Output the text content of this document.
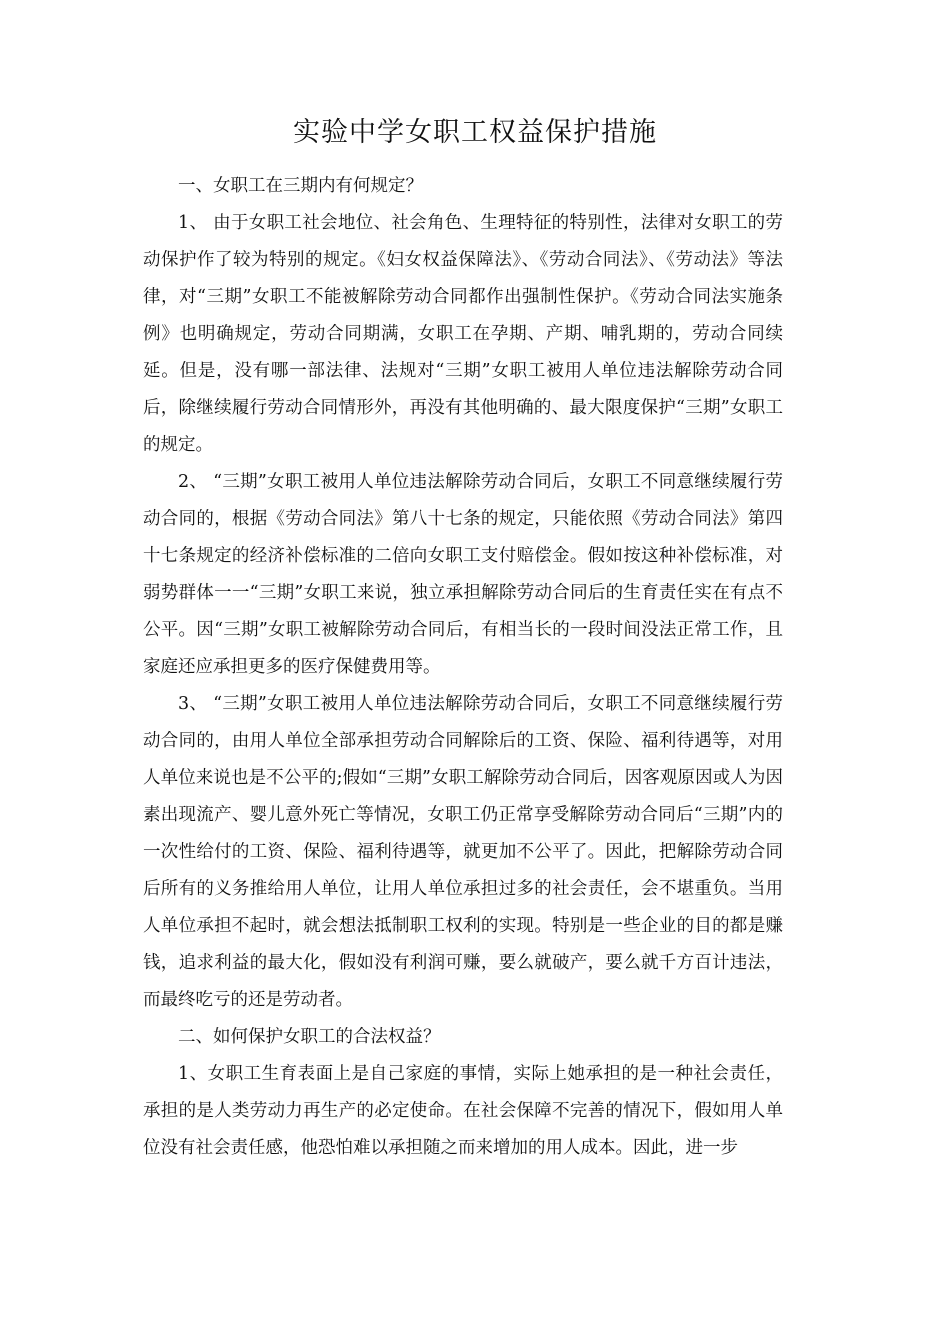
实验中学女职工权益保护措施

一、女职工在三期内有何规定？

1、 由于女职工社会地位、社会角色、生理特征的特别性，法律对女职工的劳动保护作了较为特别的规定。《妇女权益保障法》、《劳动合同法》、《劳动法》等法律，对“三期”女职工不能被解除劳动合同都作出强制性保护。《劳动合同法实施条例》也明确规定，劳动合同期满，女职工在孕期、产期、哺乳期的，劳动合同续延。但是，没有哪一部法律、法规对“三期”女职工被用人单位违法解除劳动合同后，除继续履行劳动合同情形外，再没有其他明确的、最大限度保护“三期”女职工的规定。

2、 “三期”女职工被用人单位违法解除劳动合同后，女职工不同意继续履行劳动合同的，根据《劳动合同法》第八十七条的规定，只能依照《劳动合同法》第四十七条规定的经济补偿标准的二倍向女职工支付赔偿金。假如按这种补偿标准，对弱势群体一一“三期”女职工来说，独立承担解除劳动合同后的生育责任实在有点不公平。因“三期”女职工被解除劳动合同后，有相当长的一段时间没法正常工作，且家庭还应承担更多的医疗保健费用等。

3、 “三期”女职工被用人单位违法解除劳动合同后，女职工不同意继续履行劳动合同的，由用人单位全部承担劳动合同解除后的工资、保险、福利待遇等，对用人单位来说也是不公平的;假如“三期”女职工解除劳动合同后，因客观原因或人为因素出现流产、婴儿意外死亡等情况，女职工仍正常享受解除劳动合同后“三期”内的一次性给付的工资、保险、福利待遇等，就更加不公平了。因此，把解除劳动合同后所有的义务推给用人单位，让用人单位承担过多的社会责任，会不堪重负。当用人单位承担不起时，就会想法抵制职工权利的实现。特别是一些企业的目的都是赚钱，追求利益的最大化，假如没有利润可赚，要么就破产，要么就千方百计违法，而最终吃亏的还是劳动者。

二、如何保护女职工的合法权益？

1、女职工生育表面上是自己家庭的事情，实际上她承担的是一种社会责任，承担的是人类劳动力再生产的必定使命。在社会保障不完善的情况下，假如用人单位没有社会责任感，他恐怕难以承担随之而来增加的用人成本。因此，进一步
